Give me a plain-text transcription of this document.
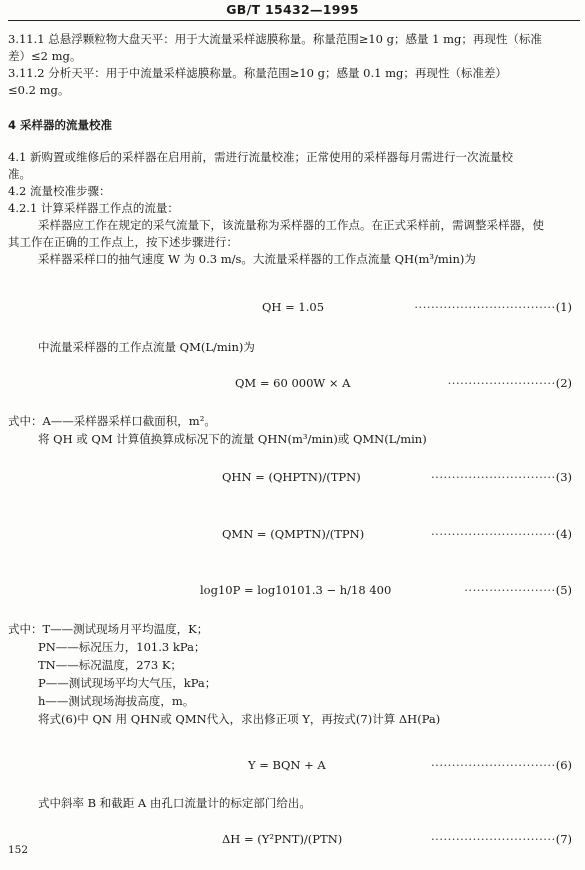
GB/T 15432—1995
3.11.1 总悬浮颗粒物大盘天平：用于大流量采样滤膜称量。称量范围≥10 g；感量 1 mg；再现性（标准
差）≤2 mg。
3.11.2 分析天平：用于中流量采样滤膜称量。称量范围≥10 g；感量 0.1 mg；再现性（标准差）
≤0.2 mg。
4 采样器的流量校准
4.1 新购置或维修后的采样器在启用前，需进行流量校准；正常使用的采样器每月需进行一次流量校
准。
4.2 流量校准步骤：
4.2.1 计算采样器工作点的流量：
采样器应工作在规定的采气流量下，该流量称为采样器的工作点。在正式采样前，需调整采样器，使
其工作在正确的工作点上，按下述步骤进行：
采样器采样口的抽气速度 W 为 0.3 m/s。大流量采样器的工作点流量 QH(m³/min)为
QH = 1.05	··································(1)
中流量采样器的工作点流量 QM(L/min)为
QM = 60 000W × A	··························(2)
式中：A——采样器采样口截面积，m²。
将 QH 或 QM 计算值换算成标况下的流量 QHN(m³/min)或 QMN(L/min)
QHN = (QHPTN)/(TPN)	······························(3)
QMN = (QMPTN)/(TPN)	······························(4)
log10P = log10101.3 − h/18 400	······················(5)
式中：T——测试现场月平均温度，K；
PN——标况压力，101.3 kPa；
TN——标况温度，273 K；
P——测试现场平均大气压，kPa；
h——测试现场海拔高度，m。
将式(6)中 QN 用 QHN或 QMN代入，求出修正项 Y，再按式(7)计算 ΔH(Pa)
Y = BQN + A	······························(6)
式中斜率 B 和截距 A 由孔口流量计的标定部门给出。
ΔH = (Y²PNT)/(PTN)	······························(7)
152
